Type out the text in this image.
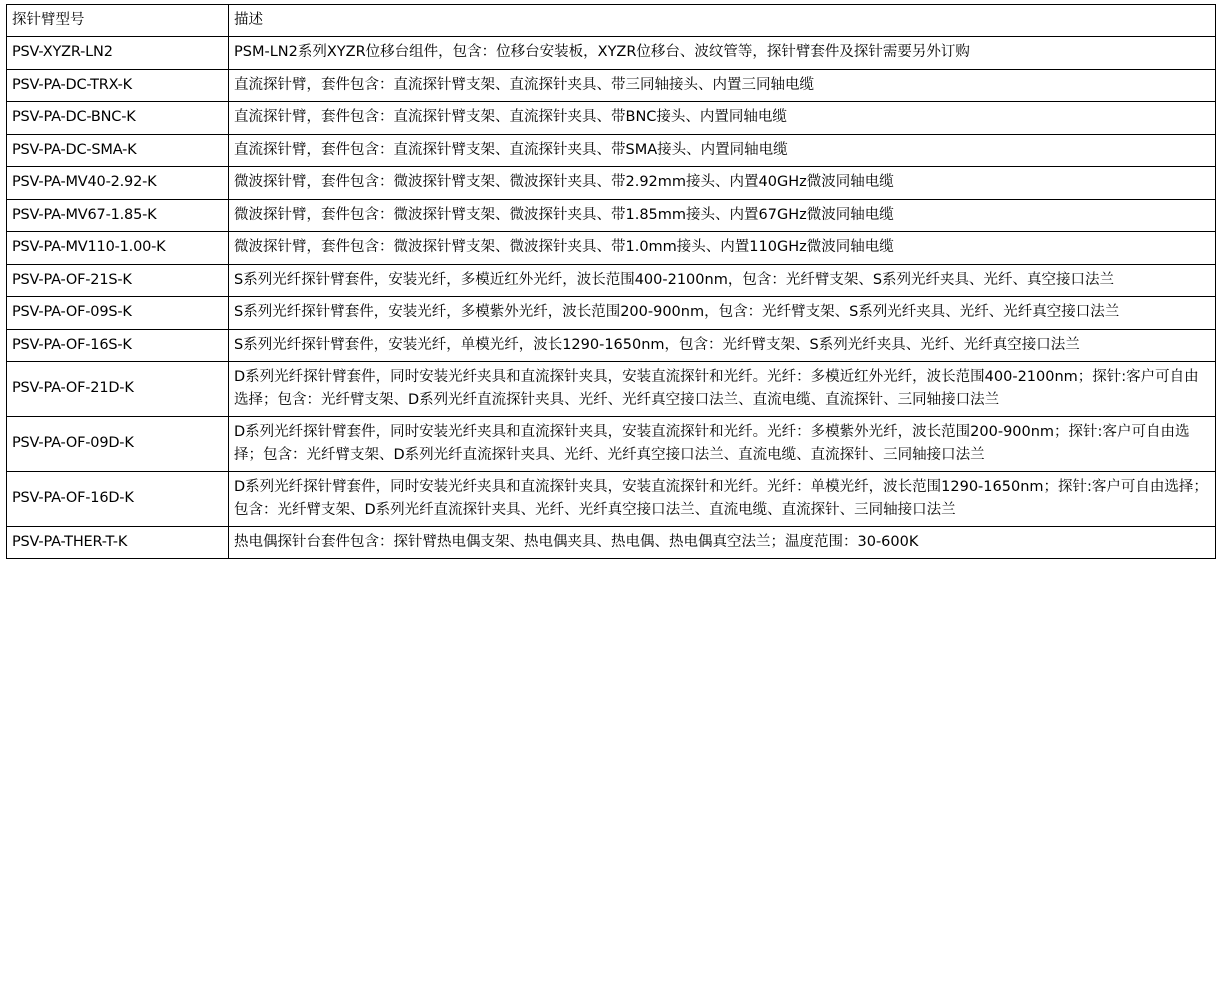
探针臂型号	描述
PSV-XYZR-LN2	PSM-LN2系列XYZR位移台组件，包含：位移台安装板，XYZR位移台、波纹管等，探针臂套件及探针需要另外订购
PSV-PA-DC-TRX-K	直流探针臂，套件包含：直流探针臂支架、直流探针夹具、带三同轴接头、内置三同轴电缆
PSV-PA-DC-BNC-K	直流探针臂，套件包含：直流探针臂支架、直流探针夹具、带BNC接头、内置同轴电缆
PSV-PA-DC-SMA-K	直流探针臂，套件包含：直流探针臂支架、直流探针夹具、带SMA接头、内置同轴电缆
PSV-PA-MV40-2.92-K	微波探针臂，套件包含：微波探针臂支架、微波探针夹具、带2.92mm接头、内置40GHz微波同轴电缆
PSV-PA-MV67-1.85-K	微波探针臂，套件包含：微波探针臂支架、微波探针夹具、带1.85mm接头、内置67GHz微波同轴电缆
PSV-PA-MV110-1.00-K	微波探针臂，套件包含：微波探针臂支架、微波探针夹具、带1.0mm接头、内置110GHz微波同轴电缆
PSV-PA-OF-21S-K	S系列光纤探针臂套件，安装光纤，多模近红外光纤，波长范围400-2100nm，包含：光纤臂支架、S系列光纤夹具、光纤、真空接口法兰
PSV-PA-OF-09S-K	S系列光纤探针臂套件，安装光纤，多模紫外光纤，波长范围200-900nm，包含：光纤臂支架、S系列光纤夹具、光纤、光纤真空接口法兰
PSV-PA-OF-16S-K	S系列光纤探针臂套件，安装光纤，单模光纤，波长1290-1650nm，包含：光纤臂支架、S系列光纤夹具、光纤、光纤真空接口法兰
PSV-PA-OF-21D-K	D系列光纤探针臂套件，同时安装光纤夹具和直流探针夹具，安装直流探针和光纤。光纤：多模近红外光纤，波长范围400-2100nm；探针:客户可自由选择；包含：光纤臂支架、D系列光纤直流探针夹具、光纤、光纤真空接口法兰、直流电缆、直流探针、三同轴接口法兰
PSV-PA-OF-09D-K	D系列光纤探针臂套件，同时安装光纤夹具和直流探针夹具，安装直流探针和光纤。光纤：多模紫外光纤，波长范围200-900nm；探针:客户可自由选择；包含：光纤臂支架、D系列光纤直流探针夹具、光纤、光纤真空接口法兰、直流电缆、直流探针、三同轴接口法兰
PSV-PA-OF-16D-K	D系列光纤探针臂套件，同时安装光纤夹具和直流探针夹具，安装直流探针和光纤。光纤：单模光纤，波长范围1290-1650nm；探针:客户可自由选择；包含：光纤臂支架、D系列光纤直流探针夹具、光纤、光纤真空接口法兰、直流电缆、直流探针、三同轴接口法兰
PSV-PA-THER-T-K	热电偶探针台套件包含：探针臂热电偶支架、热电偶夹具、热电偶、热电偶真空法兰；温度范围：30-600K
